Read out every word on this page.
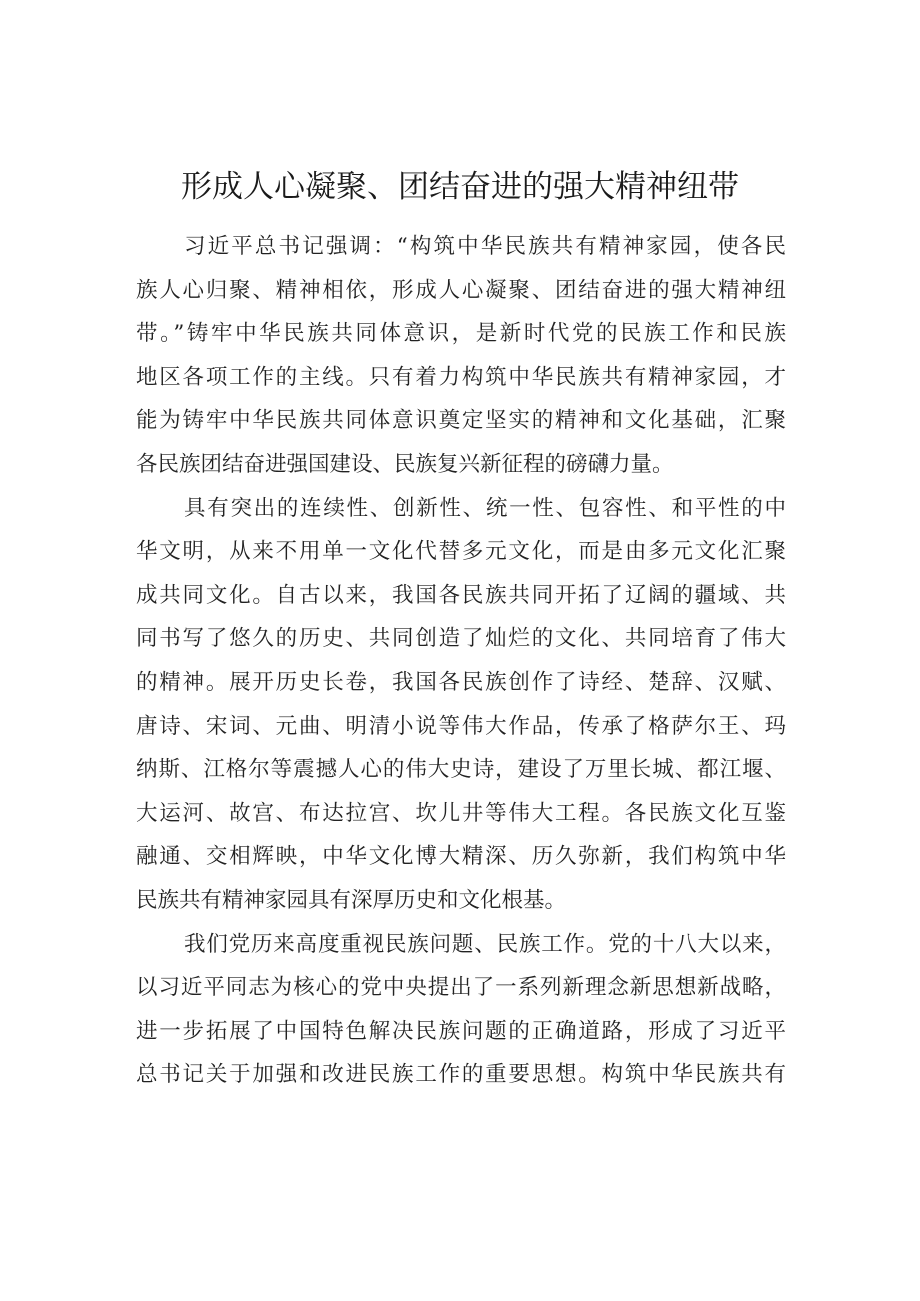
形成人心凝聚、团结奋进的强大精神纽带
习近平总书记强调：“构筑中华民族共有精神家园，使各民
族人心归聚、精神相依，形成人心凝聚、团结奋进的强大精神纽
带。”铸牢中华民族共同体意识，是新时代党的民族工作和民族
地区各项工作的主线。只有着力构筑中华民族共有精神家园，才
能为铸牢中华民族共同体意识奠定坚实的精神和文化基础，汇聚
各民族团结奋进强国建设、民族复兴新征程的磅礴力量。
具有突出的连续性、创新性、统一性、包容性、和平性的中
华文明，从来不用单一文化代替多元文化，而是由多元文化汇聚
成共同文化。自古以来，我国各民族共同开拓了辽阔的疆域、共
同书写了悠久的历史、共同创造了灿烂的文化、共同培育了伟大
的精神。展开历史长卷，我国各民族创作了诗经、楚辞、汉赋、
唐诗、宋词、元曲、明清小说等伟大作品，传承了格萨尔王、玛
纳斯、江格尔等震撼人心的伟大史诗，建设了万里长城、都江堰、
大运河、故宫、布达拉宫、坎儿井等伟大工程。各民族文化互鉴
融通、交相辉映，中华文化博大精深、历久弥新，我们构筑中华
民族共有精神家园具有深厚历史和文化根基。
我们党历来高度重视民族问题、民族工作。党的十八大以来，
以习近平同志为核心的党中央提出了一系列新理念新思想新战略，
进一步拓展了中国特色解决民族问题的正确道路，形成了习近平
总书记关于加强和改进民族工作的重要思想。构筑中华民族共有
